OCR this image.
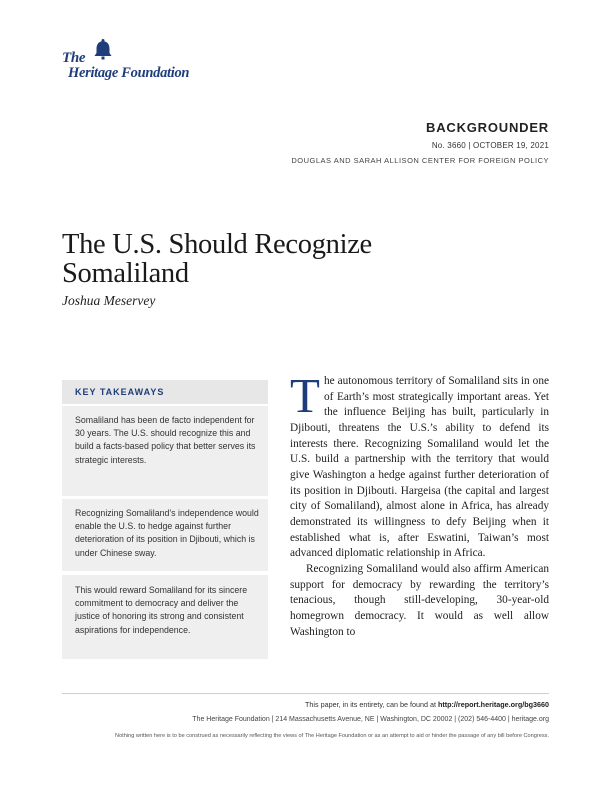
The
Heritage Foundation
BACKGROUNDER
No. 3660 | OCTOBER 19, 2021
DOUGLAS AND SARAH ALLISON CENTER FOR FOREIGN POLICY
The U.S. Should Recognize
Somaliland
Joshua Meservey
KEY TAKEAWAYS

Somaliland has been de facto independent for 30 years. The U.S. should recognize this and build a facts-based policy that better serves its strategic interests.

Recognizing Somaliland’s independence would enable the U.S. to hedge against further deterioration of its position in Djibouti, which is under Chinese sway.

This would reward Somaliland for its sincere commitment to democracy and deliver the justice of honoring its strong and consistent aspirations for independence.

The autonomous territory of Somaliland sits in one of Earth’s most strategically important areas. Yet the influence Beijing has built, particularly in Djibouti, threatens the U.S.’s ability to defend its interests there. Recognizing Somaliland would let the U.S. build a partnership with the territory that would give Washington a hedge against further deterioration of its position in Djibouti. Hargeisa (the capital and largest city of Somaliland), almost alone in Africa, has already demonstrated its willingness to defy Beijing when it established what is, after Eswatini, Taiwan’s most advanced diplomatic relationship in Africa.

Recognizing Somaliland would also affirm American support for democracy by rewarding the territory’s tenacious, though still-developing, 30-year-old homegrown democracy. It would as well allow Washington to

This paper, in its entirety, can be found at http://report.heritage.org/bg3660
The Heritage Foundation | 214 Massachusetts Avenue, NE | Washington, DC 20002 | (202) 546-4400 | heritage.org
Nothing written here is to be construed as necessarily reflecting the views of The Heritage Foundation or as an attempt to aid or hinder the passage of any bill before Congress.
